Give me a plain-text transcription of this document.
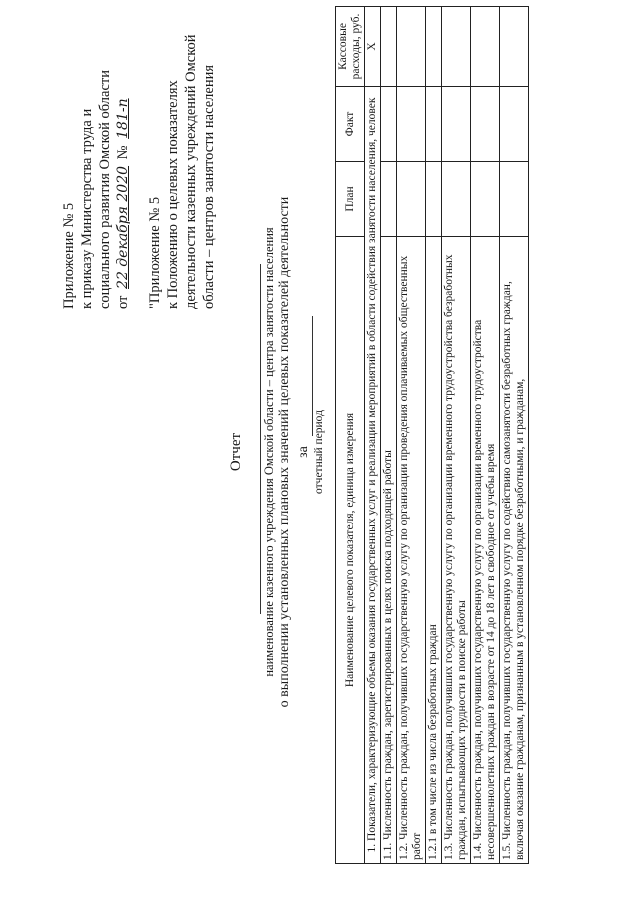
Приложение № 5 к приказу Министерства труда и социального развития Омской области от 22 декабря 2020 № 181-п
"Приложение № 5 к Положению о целевых показателях деятельности казенных учреждений Омской области – центров занятости населения
Отчет наименование казенного учреждения Омской области – центра занятости населения о выполнении установленных плановых значений целевых показателей деятельности за отчетный период Наименование целевого показателя, единица измерения	План	Факт	Кассовые расходы, руб.
1. Показатели, характеризующие объемы оказания государственных услуг и реализации мероприятий в области содействия занятости населения, человек			Х
1.1. Численность граждан, зарегистрированных в целях поиска подходящей работы			
1.2. Численность граждан, получивших государственную услугу по организации проведения оплачиваемых общественных работ			
1.2.1 в том числе из числа безработных граждан			
1.3. Численность граждан, получивших государственную услугу по организации временного трудоустройства безработных граждан, испытывающих трудности в поиске работы			
1.4. Численность граждан, получивших государственную услугу по организации временного трудоустройства несовершеннолетних граждан в возрасте от 14 до 18 лет в свободное от учебы время			
1.5. Численность граждан, получивших государственную услугу по содействию самозанятости безработных граждан, включая оказание гражданам, признанным в установленном порядке безработными, и гражданам,			
